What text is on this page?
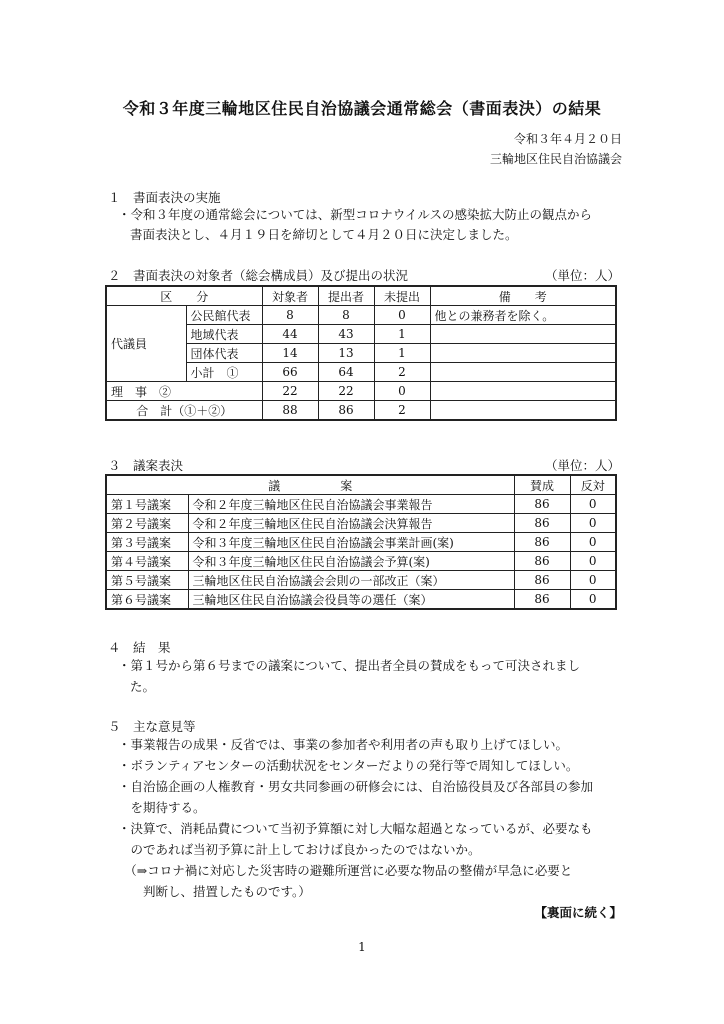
令和３年度三輪地区住民自治協議会通常総会（書面表決）の結果
令和３年４月２０日
三輪地区住民自治協議会
１　書面表決の実施
・令和３年度の通常総会については、新型コロナウイルスの感染拡大防止の観点から
書面表決とし、４月１９日を締切として４月２０日に決定しました。
２　書面表決の対象者（総会構成員）及び提出の状況	（単位：人）
区　　分		対象者	提出者	未提出	備　　考
代議員	公民館代表	8	8	0	他との兼務者を除く。
	地域代表	44	43	1	
	団体代表	14	13	1	
	小計　①	66	64	2	
理　事　②		22	22	0	
合　計（①＋②）		88	86	2	
３　議案表決	（単位：人）
議　　　　　案		賛成	反対
第１号議案	令和２年度三輪地区住民自治協議会事業報告	86	0
第２号議案	令和２年度三輪地区住民自治協議会決算報告	86	0
第３号議案	令和３年度三輪地区住民自治協議会事業計画(案)	86	0
第４号議案	令和３年度三輪地区住民自治協議会予算(案)	86	0
第５号議案	三輪地区住民自治協議会会則の一部改正（案）	86	0
第６号議案	三輪地区住民自治協議会役員等の選任（案）	86	0
４　結　果
・第１号から第６号までの議案について、提出者全員の賛成をもって可決されまし
た。
５　主な意見等
・事業報告の成果・反省では、事業の参加者や利用者の声も取り上げてほしい。
・ボランティアセンターの活動状況をセンターだよりの発行等で周知してほしい。
・自治協企画の人権教育・男女共同参画の研修会には、自治協役員及び各部員の参加
　を期待する。
・決算で、消耗品費について当初予算額に対し大幅な超過となっているが、必要なも
　のであれば当初予算に計上しておけば良かったのではないか。
　（⇒コロナ禍に対応した災害時の避難所運営に必要な物品の整備が早急に必要と
　　判断し、措置したものです。）
【裏面に続く】
1
